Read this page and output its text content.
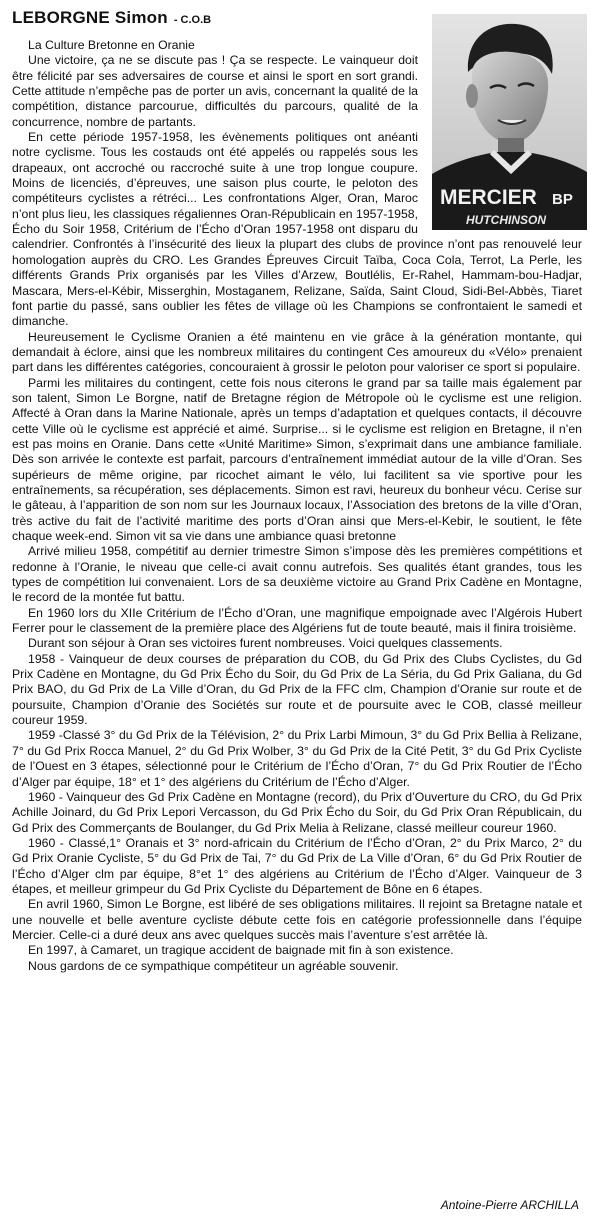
LEBORGNE Simon - C.O.B
MERCIER BP
HUTCHINSON

La Culture Bretonne en Oranie

Une victoire, ça ne se discute pas ! Ça se respecte. Le vainqueur doit être félicité par ses adversaires de course et ainsi le sport en sort grandi. Cette attitude n’empêche pas de porter un avis, concernant la qualité de la compétition, distance parcourue, difficultés du parcours, qualité de la concurrence, nombre de partants.

En cette période 1957-1958, les évènements politiques ont anéanti notre cyclisme. Tous les costauds ont été appelés ou rappelés sous les drapeaux, ont accroché ou raccroché suite à une trop longue coupure. Moins de licenciés, d’épreuves, une saison plus courte, le peloton des compétiteurs cyclistes a rétréci... Les confrontations Alger, Oran, Maroc n’ont plus lieu, les classiques régaliennes Oran-Républicain en 1957-1958, Écho du Soir 1958, Critérium de l’Écho d’Oran 1957-1958 ont disparu du calendrier. Confrontés à l’insécurité des lieux la plupart des clubs de province n’ont pas renouvelé leur homologation auprès du CRO. Les Grandes Épreuves Circuit Taïba, Coca Cola, Terrot, La Perle, les différents Grands Prix organisés par les Villes d’Arzew, Boutlélis, Er-Rahel, Hammam-bou-Hadjar, Mascara, Mers-el-Kébir, Misserghin, Mostaganem, Relizane, Saïda, Saint Cloud, Sidi-Bel-Abbès, Tiaret font partie du passé, sans oublier les fêtes de village où les Champions se confrontaient le samedi et dimanche.

Heureusement le Cyclisme Oranien a été maintenu en vie grâce à la génération montante, qui demandait à éclore, ainsi que les nombreux militaires du contingent Ces amoureux du «Vélo» prenaient part dans les différentes catégories, concouraient à grossir le peloton pour valoriser ce sport si populaire.

Parmi les militaires du contingent, cette fois nous citerons le grand par sa taille mais également par son talent, Simon Le Borgne, natif de Bretagne région de Métropole où le cyclisme est une religion. Affecté à Oran dans la Marine Nationale, après un temps d’adaptation et quelques contacts, il découvre cette Ville où le cyclisme est apprécié et aimé. Surprise... si le cyclisme est religion en Bretagne, il n’en est pas moins en Oranie. Dans cette «Unité Maritime» Simon, s’exprimait dans une ambiance familiale. Dès son arrivée le contexte est parfait, parcours d’entraînement immédiat autour de la ville d’Oran. Ses supérieurs de même origine, par ricochet aimant le vélo, lui facilitent sa vie sportive pour les entraînements, sa récupération, ses déplacements. Simon est ravi, heureux du bonheur vécu. Cerise sur le gâteau, à l’apparition de son nom sur les Journaux locaux, l’Association des bretons de la ville d’Oran, très active du fait de l’activité maritime des ports d’Oran ainsi que Mers-el-Kebir, le soutient, le fête chaque week-end. Simon vit sa vie dans une ambiance quasi bretonne

Arrivé milieu 1958, compétitif au dernier trimestre Simon s’impose dès les premières compétitions et redonne à l’Oranie, le niveau que celle-ci avait connu autrefois. Ses qualités étant grandes, tous les types de compétition lui convenaient. Lors de sa deuxième victoire au Grand Prix Cadène en Montagne, le record de la montée fut battu.

En 1960 lors du XIIe Critérium de l’Écho d’Oran, une magnifique empoignade avec l’Algérois Hubert Ferrer pour le classement de la première place des Algériens fut de toute beauté, mais il finira troisième.

Durant son séjour à Oran ses victoires furent nombreuses. Voici quelques classements.

1958 - Vainqueur de deux courses de préparation du COB, du Gd Prix des Clubs Cyclistes, du Gd Prix Cadène en Montagne, du Gd Prix Écho du Soir, du Gd Prix de La Séria, du Gd Prix Galiana, du Gd Prix BAO, du Gd Prix de La Ville d’Oran, du Gd Prix de la FFC clm, Champion d’Oranie sur route et de poursuite, Champion d’Oranie des Sociétés sur route et de poursuite avec le COB, classé meilleur coureur 1959.

1959 -Classé 3° du Gd Prix de la Télévision, 2° du Prix Larbi Mimoun, 3° du Gd Prix Bellia à Relizane, 7° du Gd Prix Rocca Manuel, 2° du Gd Prix Wolber, 3° du Gd Prix de la Cité Petit, 3° du Gd Prix Cycliste de l’Ouest en 3 étapes, sélectionné pour le Critérium de l’Écho d’Oran, 7° du Gd Prix Routier de l’Écho d’Alger par équipe, 18° et 1° des algériens du Critérium de l’Écho d’Alger.

1960 - Vainqueur des Gd Prix Cadène en Montagne (record), du Prix d’Ouverture du CRO, du Gd Prix Achille Joinard, du Gd Prix Lepori Vercasson, du Gd Prix Écho du Soir, du Gd Prix Oran Républicain, du Gd Prix des Commerçants de Boulanger, du Gd Prix Melia à Relizane, classé meilleur coureur 1960.

1960 - Classé,1° Oranais et 3° nord-africain du Critérium de l’Écho d’Oran, 2° du Prix Marco, 2° du Gd Prix Oranie Cycliste, 5° du Gd Prix de Tai, 7° du Gd Prix de La Ville d’Oran, 6° du Gd Prix Routier de l’Écho d’Alger clm par équipe, 8°et 1° des algériens au Critérium de l’Écho d’Alger. Vainqueur de 3 étapes, et meilleur grimpeur du Gd Prix Cycliste du Département de Bône en 6 étapes.

En avril 1960, Simon Le Borgne, est libéré de ses obligations militaires. Il rejoint sa Bretagne natale et une nouvelle et belle aventure cycliste débute cette fois en catégorie professionnelle dans l’équipe Mercier. Celle-ci a duré deux ans avec quelques succès mais l’aventure s’est arrêtée là.

En 1997, à Camaret, un tragique accident de baignade mit fin à son existence.

Nous gardons de ce sympathique compétiteur un agréable souvenir.

Antoine-Pierre ARCHILLA
